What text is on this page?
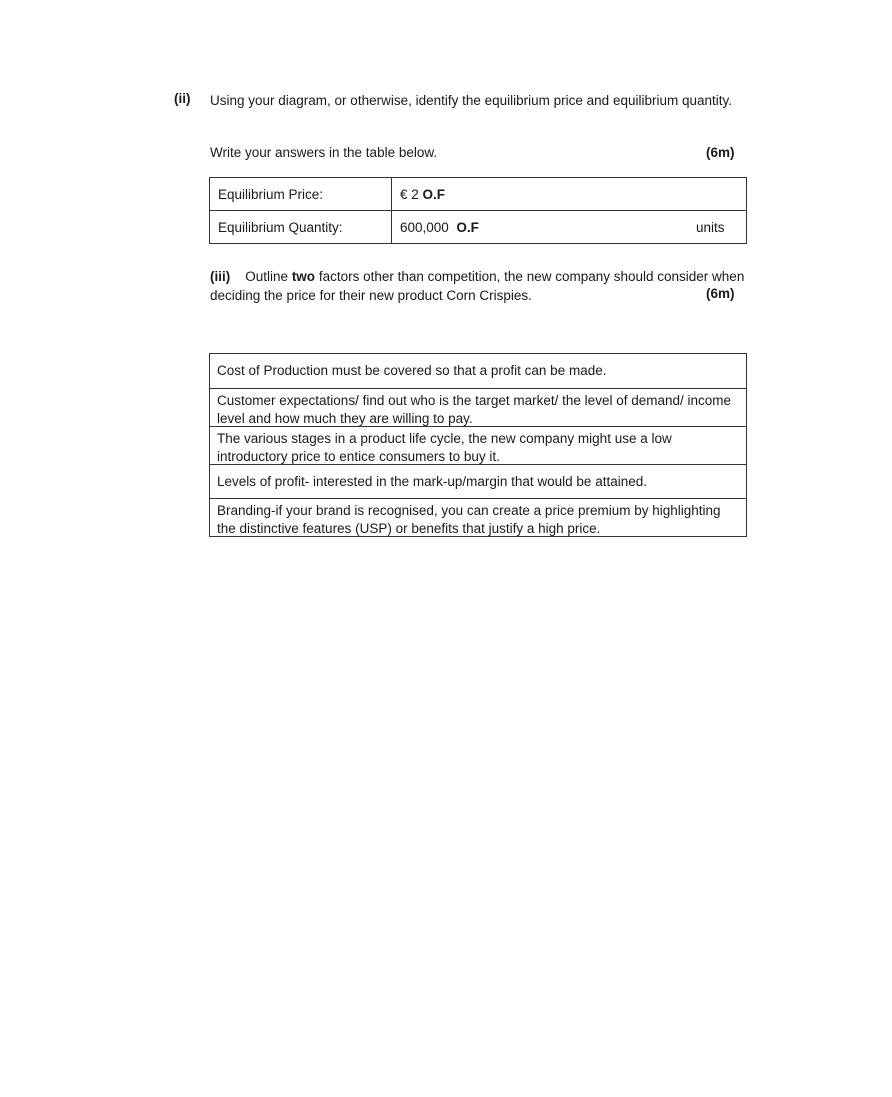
(ii) Using your diagram, or otherwise, identify the equilibrium price and equilibrium quantity.
Write your answers in the table below.	(6m)
Equilibrium Price:	€ 2 O.F
Equilibrium Quantity:	600,000 O.F	units
(iii) Outline two factors other than competition, the new company should consider when deciding the price for their new product Corn Crispies.	(6m)
Cost of Production must be covered so that a profit can be made.
Customer expectations/ find out who is the target market/ the level of demand/ income level and how much they are willing to pay.
The various stages in a product life cycle, the new company might use a low introductory price to entice consumers to buy it.
Levels of profit- interested in the mark-up/margin that would be attained.
Branding-if your brand is recognised, you can create a price premium by highlighting the distinctive features (USP) or benefits that justify a high price.
